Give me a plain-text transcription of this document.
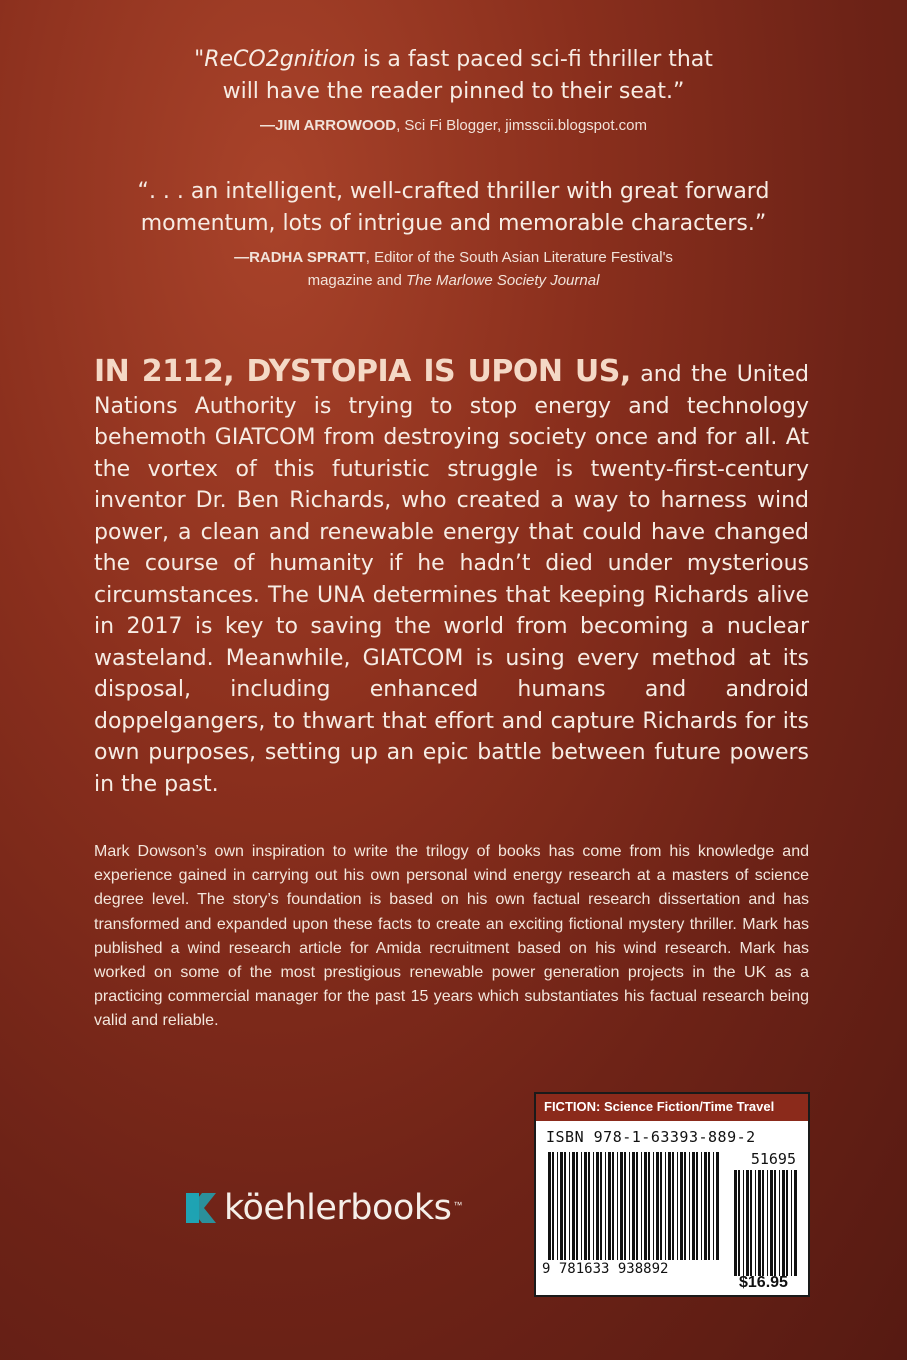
"ReCO2gnition is a fast paced sci-fi thriller that
will have the reader pinned to their seat.”
—JIM ARROWOOD, Sci Fi Blogger, jimsscii.blogspot.com
“. . . an intelligent, well-crafted thriller with great forward
momentum, lots of intrigue and memorable characters.”
—RADHA SPRATT, Editor of the South Asian Literature Festival's
magazine and The Marlowe Society Journal
IN 2112, DYSTOPIA IS UPON US, and the United Nations Authority is trying to stop energy and technology behemoth GIATCOM from destroying society once and for all. At the vortex of this futuristic struggle is twenty-first-century inventor Dr. Ben Richards, who created a way to harness wind power, a clean and renewable energy that could have changed the course of humanity if he hadn’t died under mysterious circumstances. The UNA determines that keeping Richards alive in 2017 is key to saving the world from becoming a nuclear wasteland. Meanwhile, GIATCOM is using every method at its disposal, including enhanced humans and android doppelgangers, to thwart that effort and capture Richards for its own purposes, setting up an epic battle between future powers in the past.
Mark Dowson’s own inspiration to write the trilogy of books has come from his knowledge and experience gained in carrying out his own personal wind energy research at a masters of science degree level. The story’s foundation is based on his own factual research dissertation and has transformed and expanded upon these facts to create an exciting fictional mystery thriller. Mark has published a wind research article for Amida recruitment based on his wind research. Mark has worked on some of the most prestigious renewable power generation projects in the UK as a practicing commercial manager for the past 15 years which substantiates his factual research being valid and reliable.
köehlerbooks ™
FICTION: Science Fiction/Time Travel
ISBN 978-1-63393-889-2
51695
9 781633 938892
$16.95
